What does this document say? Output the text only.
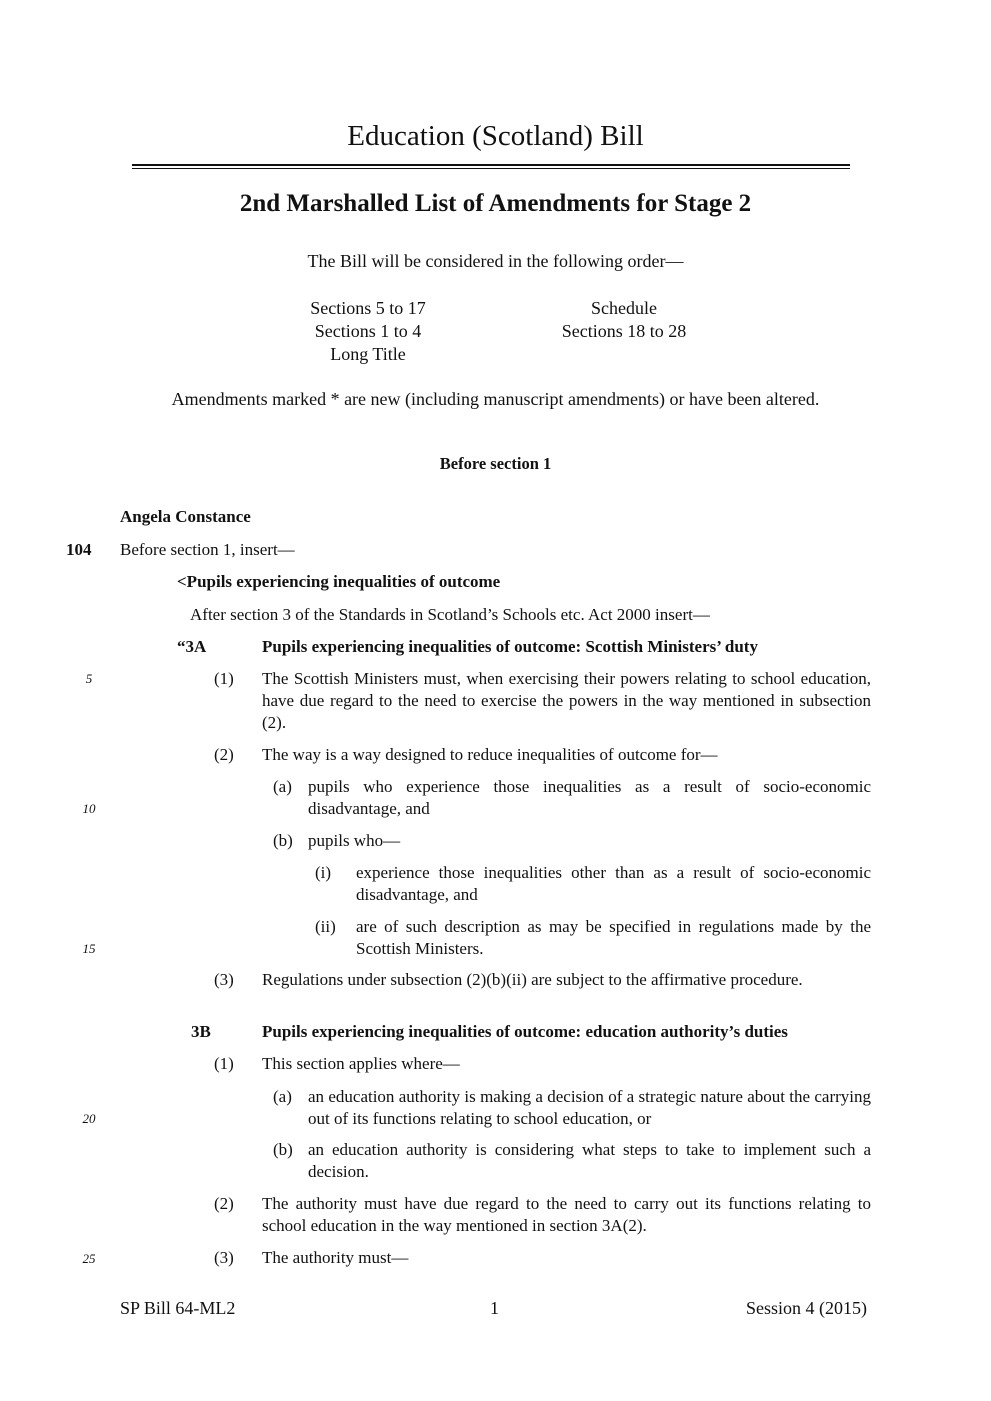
Education (Scotland) Bill
2nd Marshalled List of Amendments for Stage 2
The Bill will be considered in the following order—
Sections 5 to 17
Sections 1 to 4
Long Title
Schedule
Sections 18 to 28
Amendments marked * are new (including manuscript amendments) or have been altered.
Before section 1
Angela Constance
104 Before section 1, insert—
<Pupils experiencing inequalities of outcome
After section 3 of the Standards in Scotland’s Schools etc. Act 2000 insert—
“3A	Pupils experiencing inequalities of outcome: Scottish Ministers’ duty
(1) The Scottish Ministers must, when exercising their powers relating to school education, have due regard to the need to exercise the powers in the way mentioned in subsection (2).
(2) The way is a way designed to reduce inequalities of outcome for—
(a) pupils who experience those inequalities as a result of socio-economic disadvantage, and
(b) pupils who—
(i) experience those inequalities other than as a result of socio-economic disadvantage, and
(ii) are of such description as may be specified in regulations made by the Scottish Ministers.
(3) Regulations under subsection (2)(b)(ii) are subject to the affirmative procedure.
3B	Pupils experiencing inequalities of outcome: education authority’s duties
(1) This section applies where—
(a) an education authority is making a decision of a strategic nature about the carrying out of its functions relating to school education, or
(b) an education authority is considering what steps to take to implement such a decision.
(2) The authority must have due regard to the need to carry out its functions relating to school education in the way mentioned in section 3A(2).
(3) The authority must—
5
10
15
20
25
SP Bill 64-ML2	1	Session 4 (2015)
